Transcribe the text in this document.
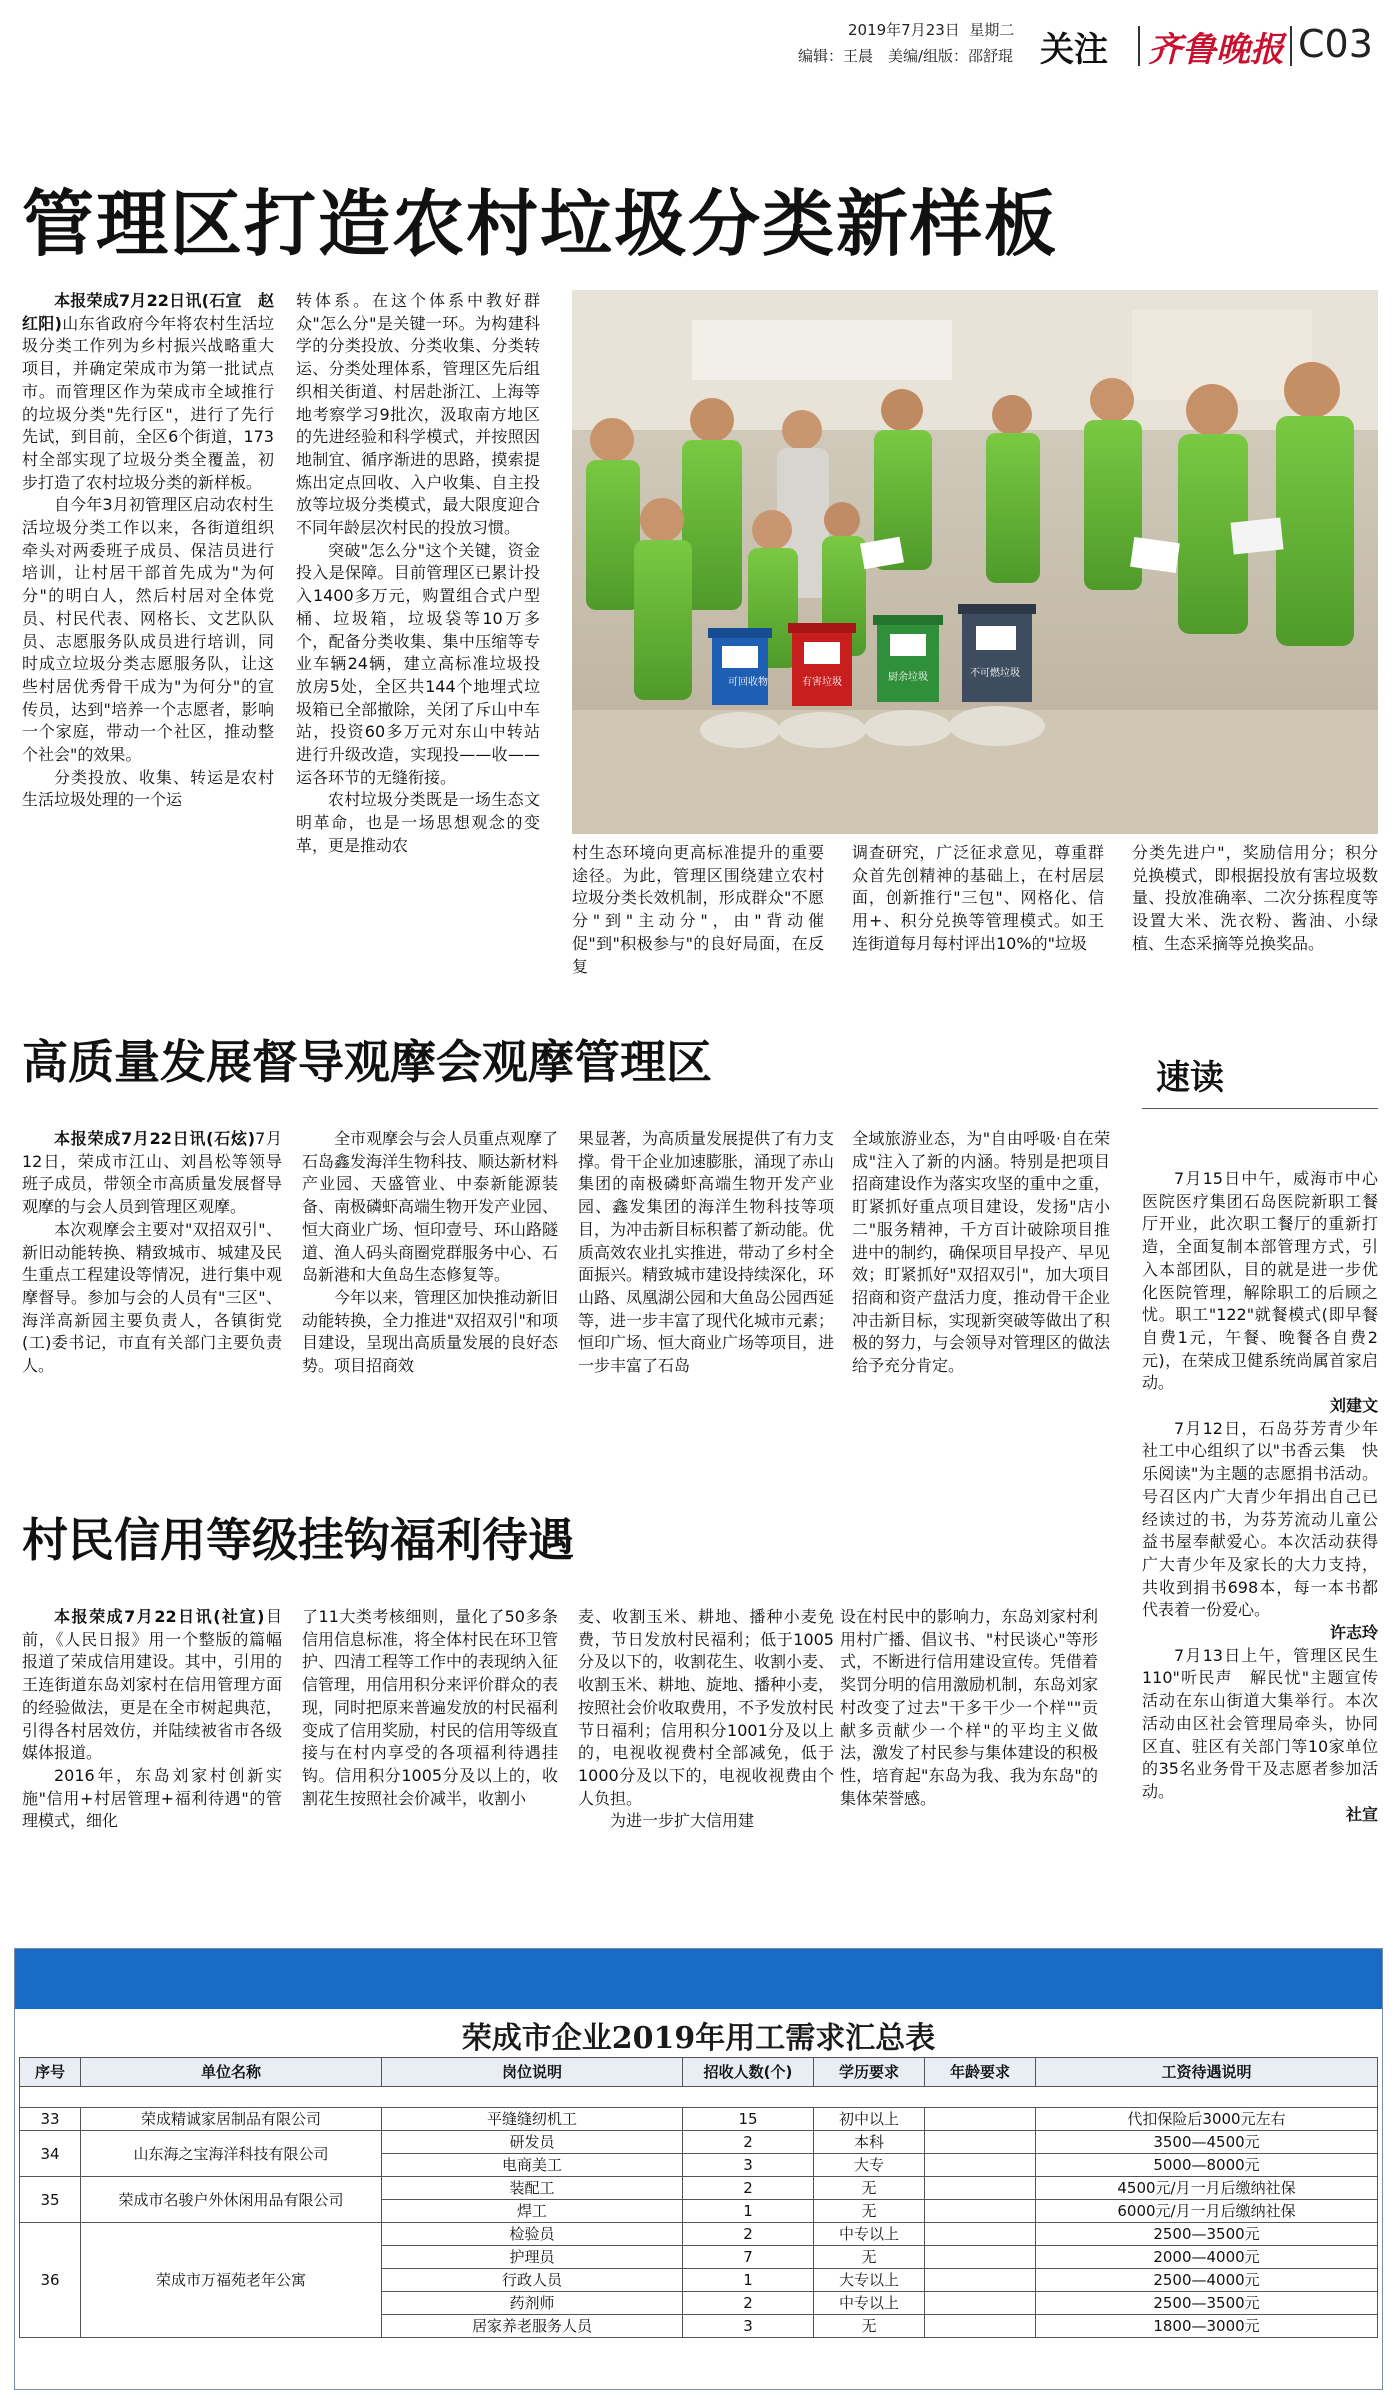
2019年7月23日 星期二
编辑：王晨　美编/组版：邵舒琨 关注 齐鲁晚报 C03
管理区打造农村垃圾分类新样板

本报荣成7月22日讯(石宣　赵红阳)山东省政府今年将农村生活垃圾分类工作列为乡村振兴战略重大项目，并确定荣成市为第一批试点市。而管理区作为荣成市全域推行的垃圾分类"先行区"，进行了先行先试，到目前，全区6个街道，173村全部实现了垃圾分类全覆盖，初步打造了农村垃圾分类的新样板。

自今年3月初管理区启动农村生活垃圾分类工作以来，各街道组织牵头对两委班子成员、保洁员进行培训，让村居干部首先成为"为何分"的明白人，然后村居对全体党员、村民代表、网格长、文艺队队员、志愿服务队成员进行培训，同时成立垃圾分类志愿服务队，让这些村居优秀骨干成为"为何分"的宣传员，达到"培养一个志愿者，影响一个家庭，带动一个社区，推动整个社会"的效果。

分类投放、收集、转运是农村生活垃圾处理的一个运

转体系。在这个体系中教好群众"怎么分"是关键一环。为构建科学的分类投放、分类收集、分类转运、分类处理体系，管理区先后组织相关街道、村居赴浙江、上海等地考察学习9批次，汲取南方地区的先进经验和科学模式，并按照因地制宜、循序渐进的思路，摸索提炼出定点回收、入户收集、自主投放等垃圾分类模式，最大限度迎合不同年龄层次村民的投放习惯。

突破"怎么分"这个关键，资金投入是保障。目前管理区已累计投入1400多万元，购置组合式户型桶、垃圾箱，垃圾袋等10万多个，配备分类收集、集中压缩等专业车辆24辆，建立高标准垃圾投放房5处，全区共144个地埋式垃圾箱已全部撤除，关闭了斥山中车站，投资60多万元对东山中转站进行升级改造，实现投——收——运各环节的无缝衔接。

农村垃圾分类既是一场生态文明革命，也是一场思想观念的变革，更是推动农

可回收物	有害垃圾	厨余垃圾	不可燃垃圾

村生态环境向更高标准提升的重要途径。为此，管理区围绕建立农村垃圾分类长效机制，形成群众"不愿分"到"主动分"，由"背动催促"到"积极参与"的良好局面，在反复

调查研究，广泛征求意见，尊重群众首先创精神的基础上，在村居层面，创新推行"三包"、网格化、信用+、积分兑换等管理模式。如王连街道每月每村评出10%的"垃圾

分类先进户"，奖励信用分；积分兑换模式，即根据投放有害垃圾数量、投放准确率、二次分拣程度等设置大米、洗衣粉、酱油、小绿植、生态采摘等兑换奖品。

高质量发展督导观摩会观摩管理区

本报荣成7月22日讯(石炫)7月12日，荣成市江山、刘昌松等领导班子成员，带领全市高质量发展督导观摩的与会人员到管理区观摩。

本次观摩会主要对"双招双引"、新旧动能转换、精致城市、城建及民生重点工程建设等情况，进行集中观摩督导。参加与会的人员有"三区"、海洋高新园主要负责人，各镇街党(工)委书记，市直有关部门主要负责人。

全市观摩会与会人员重点观摩了石岛鑫发海洋生物科技、顺达新材料产业园、天盛管业、中泰新能源装备、南极磷虾高端生物开发产业园、恒大商业广场、恒印壹号、环山路隧道、渔人码头商圈党群服务中心、石岛新港和大鱼岛生态修复等。

今年以来，管理区加快推动新旧动能转换，全力推进"双招双引"和项目建设，呈现出高质量发展的良好态势。项目招商效

果显著，为高质量发展提供了有力支撑。骨干企业加速膨胀，涌现了赤山集团的南极磷虾高端生物开发产业园、鑫发集团的海洋生物科技等项目，为冲击新目标积蓄了新动能。优质高效农业扎实推进，带动了乡村全面振兴。精致城市建设持续深化，环山路、凤凰湖公园和大鱼岛公园西延等，进一步丰富了现代化城市元素；恒印广场、恒大商业广场等项目，进一步丰富了石岛

全域旅游业态，为"自由呼吸·自在荣成"注入了新的内涵。特别是把项目招商建设作为落实攻坚的重中之重，盯紧抓好重点项目建设，发扬"店小二"服务精神，千方百计破除项目推进中的制约，确保项目早投产、早见效；盯紧抓好"双招双引"，加大项目招商和资产盘活力度，推动骨干企业冲击新目标，实现新突破等做出了积极的努力，与会领导对管理区的做法给予充分肯定。

村民信用等级挂钩福利待遇

本报荣成7月22日讯(社宣)目前，《人民日报》用一个整版的篇幅报道了荣成信用建设。其中，引用的王连街道东岛刘家村在信用管理方面的经验做法，更是在全市树起典范，引得各村居效仿，并陆续被省市各级媒体报道。

2016年，东岛刘家村创新实施"信用+村居管理+福利待遇"的管理模式，细化

了11大类考核细则，量化了50多条信用信息标准，将全体村民在环卫管护、四清工程等工作中的表现纳入征信管理，用信用积分来评价群众的表现，同时把原来普遍发放的村民福利变成了信用奖励，村民的信用等级直接与在村内享受的各项福利待遇挂钩。信用积分1005分及以上的，收割花生按照社会价减半，收割小

麦、收割玉米、耕地、播种小麦免费，节日发放村民福利；低于1005分及以下的，收割花生、收割小麦、收割玉米、耕地、旋地、播种小麦，按照社会价收取费用，不予发放村民节日福利；信用积分1001分及以上的，电视收视费村全部减免，低于1000分及以下的，电视收视费由个人负担。

为进一步扩大信用建

设在村民中的影响力，东岛刘家村利用村广播、倡议书、"村民谈心"等形式，不断进行信用建设宣传。凭借着奖罚分明的信用激励机制，东岛刘家村改变了过去"干多干少一个样""贡献多贡献少一个样"的平均主义做法，激发了村民参与集体建设的积极性，培育起"东岛为我、我为东岛"的集体荣誉感。

速读

7月15日中午，威海市中心医院医疗集团石岛医院新职工餐厅开业，此次职工餐厅的重新打造，全面复制本部管理方式，引入本部团队，目的就是进一步优化医院管理，解除职工的后顾之忧。职工"122"就餐模式(即早餐自费1元，午餐、晚餐各自费2元)，在荣成卫健系统尚属首家启动。

刘建文

7月12日，石岛芬芳青少年社工中心组织了以"书香云集　快乐阅读"为主题的志愿捐书活动。号召区内广大青少年捐出自己已经读过的书，为芬芳流动儿童公益书屋奉献爱心。本次活动获得广大青少年及家长的大力支持，共收到捐书698本，每一本书都代表着一份爱心。

许志玲

7月13日上午，管理区民生110"听民声　解民忧"主题宣传活动在东山街道大集举行。本次活动由区社会管理局牵头，协同区直、驻区有关部门等10家单位的35名业务骨干及志愿者参加活动。

社宣

荣成市企业2019年用工需求汇总表
序号	单位名称	岗位说明	招收人数(个)	学历要求	年龄要求	工资待遇说明

33	荣成精诚家居制品有限公司	平缝缝纫机工	15	初中以上		代扣保险后3000元左右
34	山东海之宝海洋科技有限公司	研发员	2	本科		3500—4500元
		电商美工	3	大专		5000—8000元
35	荣成市名骏户外休闲用品有限公司	装配工	2	无		4500元/月一月后缴纳社保
		焊工	1	无		6000元/月一月后缴纳社保
36	荣成市万福苑老年公寓	检验员	2	中专以上		2500—3500元
		护理员	7	无		2000—4000元
		行政人员	1	大专以上		2500—4000元
		药剂师	2	中专以上		2500—3500元
		居家养老服务人员	3	无		1800—3000元
